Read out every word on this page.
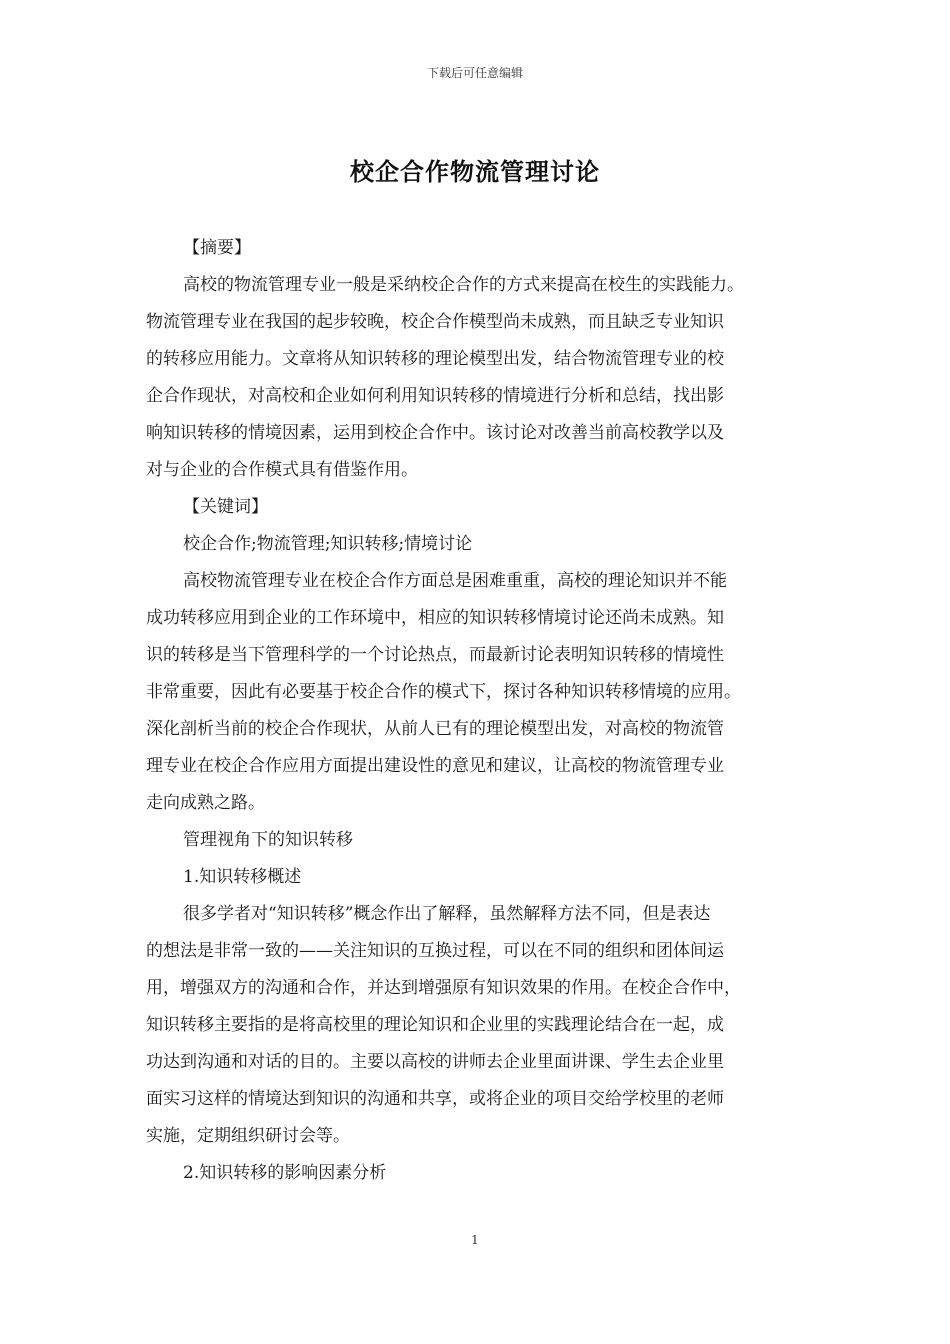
下载后可任意编辑
校企合作物流管理讨论
【摘要】
高校的物流管理专业一般是采纳校企合作的方式来提高在校生的实践能力。
物流管理专业在我国的起步较晚，校企合作模型尚未成熟，而且缺乏专业知识
的转移应用能力。文章将从知识转移的理论模型出发，结合物流管理专业的校
企合作现状，对高校和企业如何利用知识转移的情境进行分析和总结，找出影
响知识转移的情境因素，运用到校企合作中。该讨论对改善当前高校教学以及
对与企业的合作模式具有借鉴作用。
【关键词】
校企合作;物流管理;知识转移;情境讨论
高校物流管理专业在校企合作方面总是困难重重，高校的理论知识并不能
成功转移应用到企业的工作环境中，相应的知识转移情境讨论还尚未成熟。知
识的转移是当下管理科学的一个讨论热点，而最新讨论表明知识转移的情境性
非常重要，因此有必要基于校企合作的模式下，探讨各种知识转移情境的应用。
深化剖析当前的校企合作现状，从前人已有的理论模型出发，对高校的物流管
理专业在校企合作应用方面提出建设性的意见和建议，让高校的物流管理专业
走向成熟之路。
管理视角下的知识转移
1.知识转移概述
很多学者对“知识转移”概念作出了解释，虽然解释方法不同，但是表达
的想法是非常一致的——关注知识的互换过程，可以在不同的组织和团体间运
用，增强双方的沟通和合作，并达到增强原有知识效果的作用。在校企合作中，
知识转移主要指的是将高校里的理论知识和企业里的实践理论结合在一起，成
功达到沟通和对话的目的。主要以高校的讲师去企业里面讲课、学生去企业里
面实习这样的情境达到知识的沟通和共享，或将企业的项目交给学校里的老师
实施，定期组织研讨会等。
2.知识转移的影响因素分析
1
